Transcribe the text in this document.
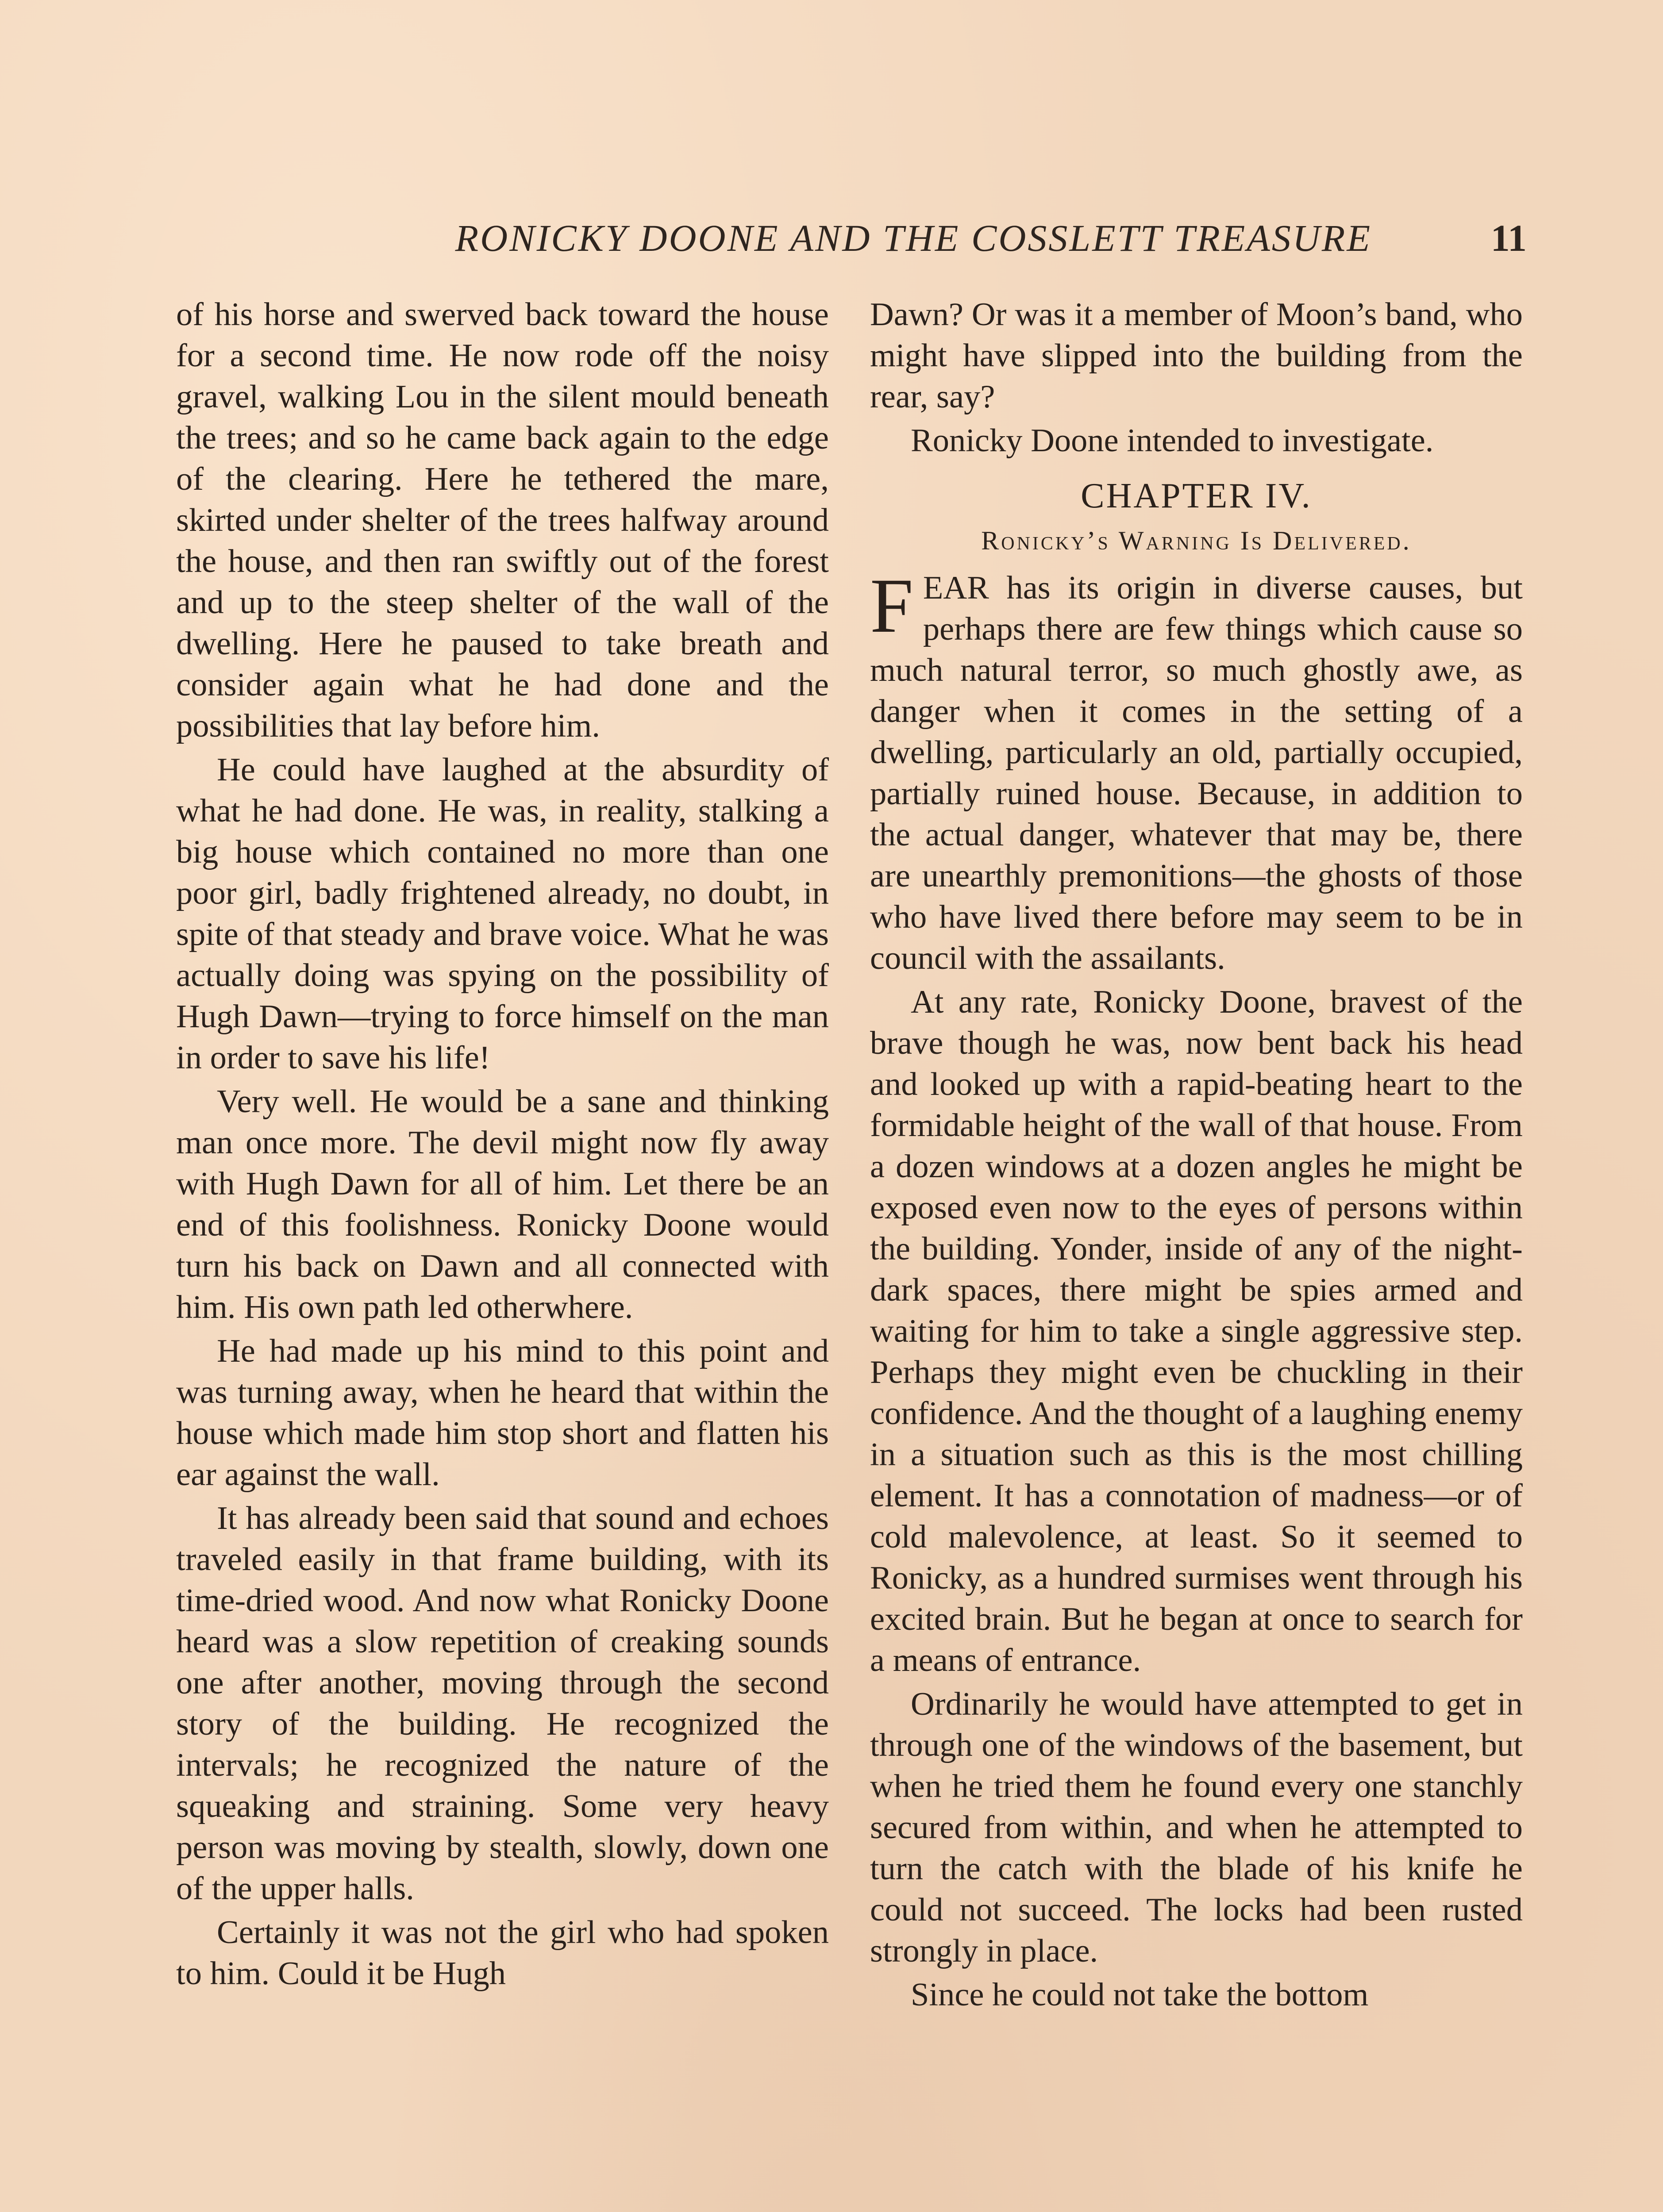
RONICKY DOONE AND THE COSSLETT TREASURE	11

of his horse and swerved back toward the house for a second time. He now rode off the noisy gravel, walking Lou in the silent mould beneath the trees; and so he came back again to the edge of the clearing. Here he tethered the mare, skirted under shelter of the trees halfway around the house, and then ran swiftly out of the forest and up to the steep shelter of the wall of the dwelling. Here he paused to take breath and consider again what he had done and the possibilities that lay before him.

He could have laughed at the absurdity of what he had done. He was, in reality, stalking a big house which contained no more than one poor girl, badly frightened already, no doubt, in spite of that steady and brave voice. What he was actually doing was spying on the possibility of Hugh Dawn—trying to force himself on the man in order to save his life!

Very well. He would be a sane and thinking man once more. The devil might now fly away with Hugh Dawn for all of him. Let there be an end of this foolishness. Ronicky Doone would turn his back on Dawn and all connected with him. His own path led otherwhere.

He had made up his mind to this point and was turning away, when he heard that within the house which made him stop short and flatten his ear against the wall.

It has already been said that sound and echoes traveled easily in that frame building, with its time-dried wood. And now what Ronicky Doone heard was a slow repetition of creaking sounds one after another, moving through the second story of the building. He recognized the intervals; he recognized the nature of the squeaking and straining. Some very heavy person was moving by stealth, slowly, down one of the upper halls.

Certainly it was not the girl who had spoken to him. Could it be Hugh

Dawn? Or was it a member of Moon’s band, who might have slipped into the building from the rear, say?

Ronicky Doone intended to investigate.

CHAPTER IV.
Ronicky’s Warning Is Delivered.

FEAR has its origin in diverse causes, but perhaps there are few things which cause so much natural terror, so much ghostly awe, as danger when it comes in the setting of a dwelling, particularly an old, partially occupied, partially ruined house. Because, in addition to the actual danger, whatever that may be, there are unearthly premonitions—the ghosts of those who have lived there before may seem to be in council with the assailants.

At any rate, Ronicky Doone, bravest of the brave though he was, now bent back his head and looked up with a rapid-beating heart to the formidable height of the wall of that house. From a dozen windows at a dozen angles he might be exposed even now to the eyes of persons within the building. Yonder, inside of any of the night-dark spaces, there might be spies armed and waiting for him to take a single aggressive step. Perhaps they might even be chuckling in their confidence. And the thought of a laughing enemy in a situation such as this is the most chilling element. It has a connotation of madness—or of cold malevolence, at least. So it seemed to Ronicky, as a hundred surmises went through his excited brain. But he began at once to search for a means of entrance.

Ordinarily he would have attempted to get in through one of the windows of the basement, but when he tried them he found every one stanchly secured from within, and when he attempted to turn the catch with the blade of his knife he could not succeed. The locks had been rusted strongly in place.

Since he could not take the bottom
